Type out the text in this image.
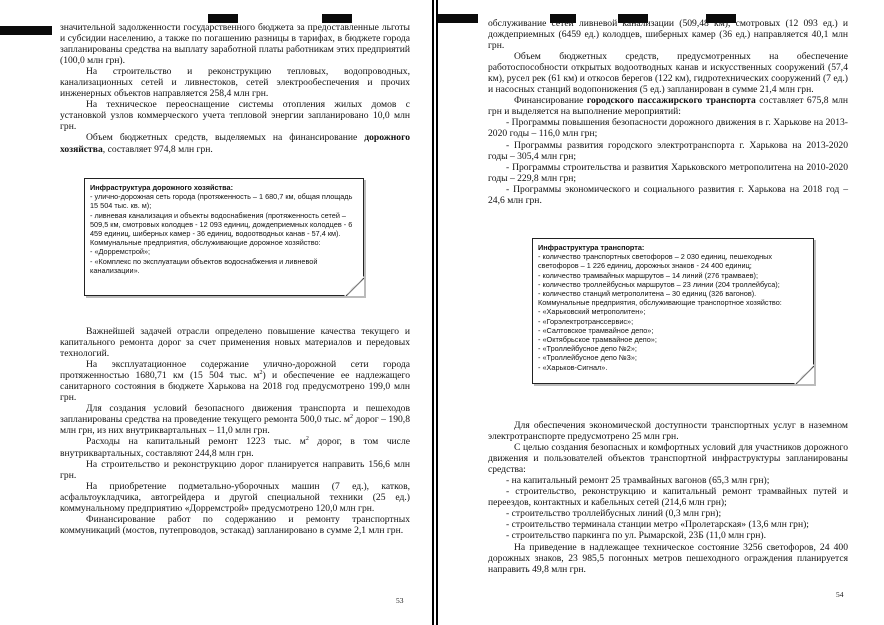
значительной задолженности государственного бюджета за предоставленные льготы и субсидии населению, а также по погашению разницы в тарифах, в бюджете города запланированы средства на выплату заработной платы работникам этих предприятий (100,0 млн грн).

На строительство и реконструкцию тепловых, водопроводных, канализационных сетей и ливнестоков, сетей электрообеспечения и прочих инженерных объектов направляется 258,4 млн грн.

На техническое переоснащение системы отопления жилых домов с установкой узлов коммерческого учета тепловой энергии запланировано 10,0 млн грн.

Объем бюджетных средств, выделяемых на финансирование дорожного хозяйства, составляет 974,8 млн грн.

Инфраструктура дорожного хозяйства:
- улично-дорожная сеть города (протяженность – 1 680,7 км, общая площадь 15 504 тыс. кв. м);
- ливневая канализация и объекты водоснабжения (протяженность сетей – 509,5 км, смотровых колодцев - 12 093 единиц, дождеприемных колодцев - 6 459 единиц, шиберных камер - 36 единиц, водоотводных канав - 57,4 км).
Коммунальные предприятия, обслуживающие дорожное хозяйство:
- «Дорремстрой»;
- «Комплекс по эксплуатации объектов водоснабжения и ливневой канализации».

Важнейшей задачей отрасли определено повышение качества текущего и капитального ремонта дорог за счет применения новых материалов и передовых технологий.

На эксплуатационное содержание улично-дорожной сети города протяженностью 1680,71 км (15 504 тыс. $м^2$) и обеспечение ее надлежащего санитарного состояния в бюджете Харькова на 2018 год предусмотрено 199,0 млн грн.

Для создания условий безопасного движения транспорта и пешеходов запланированы средства на проведение текущего ремонта 500,0 тыс. $м^2$ дорог – 190,8 млн грн, из них внутриквартальных – 11,0 млн грн.

Расходы на капитальный ремонт 1223 тыс. $м^2$ дорог, в том числе внутриквартальных, составляют 244,8 млн грн.

На строительство и реконструкцию дорог планируется направить 156,6 млн грн.

На приобретение подметально-уборочных машин (7 ед.), катков, асфальтоукладчика, автогрейдера и другой специальной техники (25 ед.) коммунальному предприятию «Дорремстрой» предусмотрено 120,0 млн грн.

Финансирование работ по содержанию и ремонту транспортных коммуникаций (мостов, путепроводов, эстакад) запланировано в сумме 2,1 млн грн.

53

обслуживание сетей ливневой канализации (509,48 км), смотровых (12 093 ед.) и дождеприемных (6459 ед.) колодцев, шиберных камер (36 ед.) направляется 40,1 млн грн.

Объем бюджетных средств, предусмотренных на обеспечение работоспособности открытых водоотводных канав и искусственных сооружений (57,4 км), русел рек (61 км) и откосов берегов (122 км), гидротехнических сооружений (7 ед.) и насосных станций водопонижения (5 ед.) запланирован в сумме 21,4 млн грн.

Финансирование городского пассажирского транспорта составляет 675,8 млн грн и выделяется на выполнение мероприятий:

- Программы повышения безопасности дорожного движения в г. Харькове на 2013-2020 годы – 116,0 млн грн;

- Программы развития городского электротранспорта г. Харькова на 2013-2020 годы – 305,4 млн грн;

- Программы строительства и развития Харьковского метрополитена на 2010-2020 годы – 229,8 млн грн;

- Программы экономического и социального развития г. Харькова на 2018 год – 24,6 млн грн.

Инфраструктура транспорта:
- количество транспортных светофоров – 2 030 единиц, пешеходных светофоров – 1 226 единиц, дорожных знаков - 24 400 единиц;
- количество трамвайных маршрутов – 14 линий (276 трамваев);
- количество троллейбусных маршрутов – 23 линии (204 троллейбуса);
- количество станций метрополитена – 30 единиц (326 вагонов).
Коммунальные предприятия, обслуживающие транспортное хозяйство:
- «Харьковский метрополитен»;
- «Горэлектротранссервис»;
- «Салтовское трамвайное депо»;
- «Октябрьское трамвайное депо»;
- «Троллейбусное депо №2»;
- «Троллейбусное депо №3»;
- «Харьков-Сигнал».

Для обеспечения экономической доступности транспортных услуг в наземном электротранспорте предусмотрено 25 млн грн.

С целью создания безопасных и комфортных условий для участников дорожного движения и пользователей объектов транспортной инфраструктуры запланированы средства:

- на капитальный ремонт 25 трамвайных вагонов (65,3 млн грн);

- строительство, реконструкцию и капитальный ремонт трамвайных путей и переездов, контактных и кабельных сетей (214,6 млн грн);

- строительство троллейбусных линий (0,3 млн грн);

- строительство терминала станции метро «Пролетарская» (13,6 млн грн);

- строительство паркинга по ул. Рымарской, 23Б (11,0 млн грн).

На приведение в надлежащее техническое состояние 3256 светофоров, 24 400 дорожных знаков, 23 985,5 погонных метров пешеходного ограждения планируется направить 49,8 млн грн.

54
